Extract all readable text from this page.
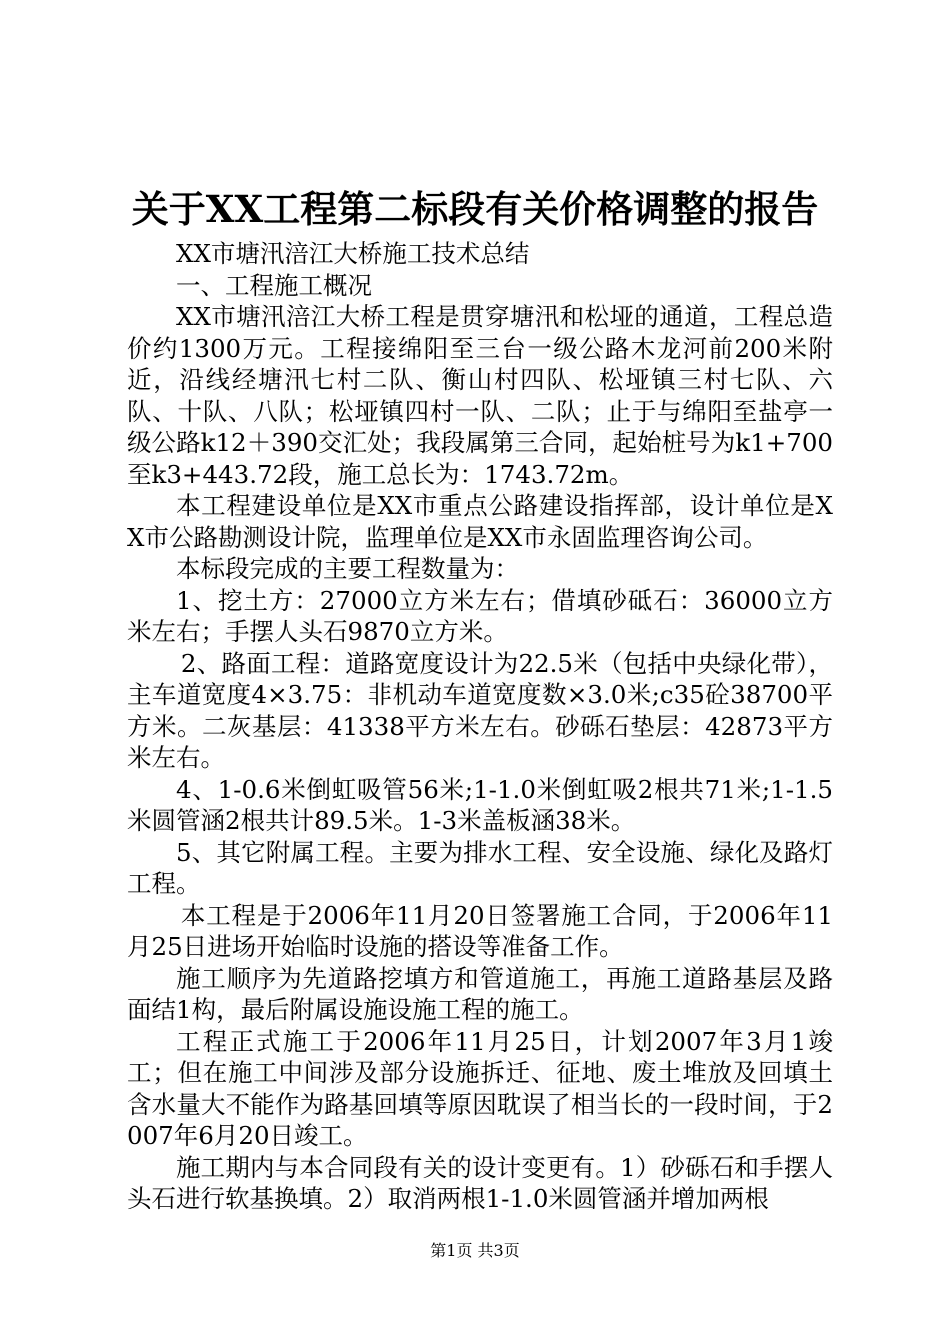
关于XX工程第二标段有关价格调整的报告

XX市塘汛涪江大桥施工技术总结

一、工程施工概况

XX市塘汛涪江大桥工程是贯穿塘汛和松垭的通道，工程总造价约1300万元。工程接绵阳至三台一级公路木龙河前200米附近，沿线经塘汛七村二队、衡山村四队、松垭镇三村七队、六队、十队、八队；松垭镇四村一队、二队；止于与绵阳至盐亭一级公路k12＋390交汇处；我段属第三合同，起始桩号为k1+700至k3+443.72段，施工总长为：1743.72m。

本工程建设单位是XX市重点公路建设指挥部，设计单位是XX市公路勘测设计院，监理单位是XX市永固监理咨询公司。

本标段完成的主要工程数量为：

1、挖土方：27000立方米左右；借填砂砥石：36000立方米左右；手摆人头石9870立方米。

2、路面工程：道路宽度设计为22.5米（包括中央绿化带），主车道宽度4×3.75：非机动车道宽度数×3.0米;c35砼38700平方米。二灰基层：41338平方米左右。砂砾石垫层：42873平方米左右。

4、1-0.6米倒虹吸管56米;1-1.0米倒虹吸2根共71米;1-1.5米圆管涵2根共计89.5米。1-3米盖板涵38米。

5、其它附属工程。主要为排水工程、安全设施、绿化及路灯工程。

本工程是于2006年11月20日签署施工合同，于2006年11月25日进场开始临时设施的搭设等准备工作。

施工顺序为先道路挖填方和管道施工，再施工道路基层及路面结1构，最后附属设施设施工程的施工。

工程正式施工于2006年11月25日，计划2007年3月1竣工；但在施工中间涉及部分设施拆迁、征地、废土堆放及回填土含水量大不能作为路基回填等原因耽误了相当长的一段时间，于2007年6月20日竣工。

施工期内与本合同段有关的设计变更有。1）砂砾石和手摆人头石进行软基换填。2）取消两根1-1.0米圆管涵并增加两根

第1页 共3页
